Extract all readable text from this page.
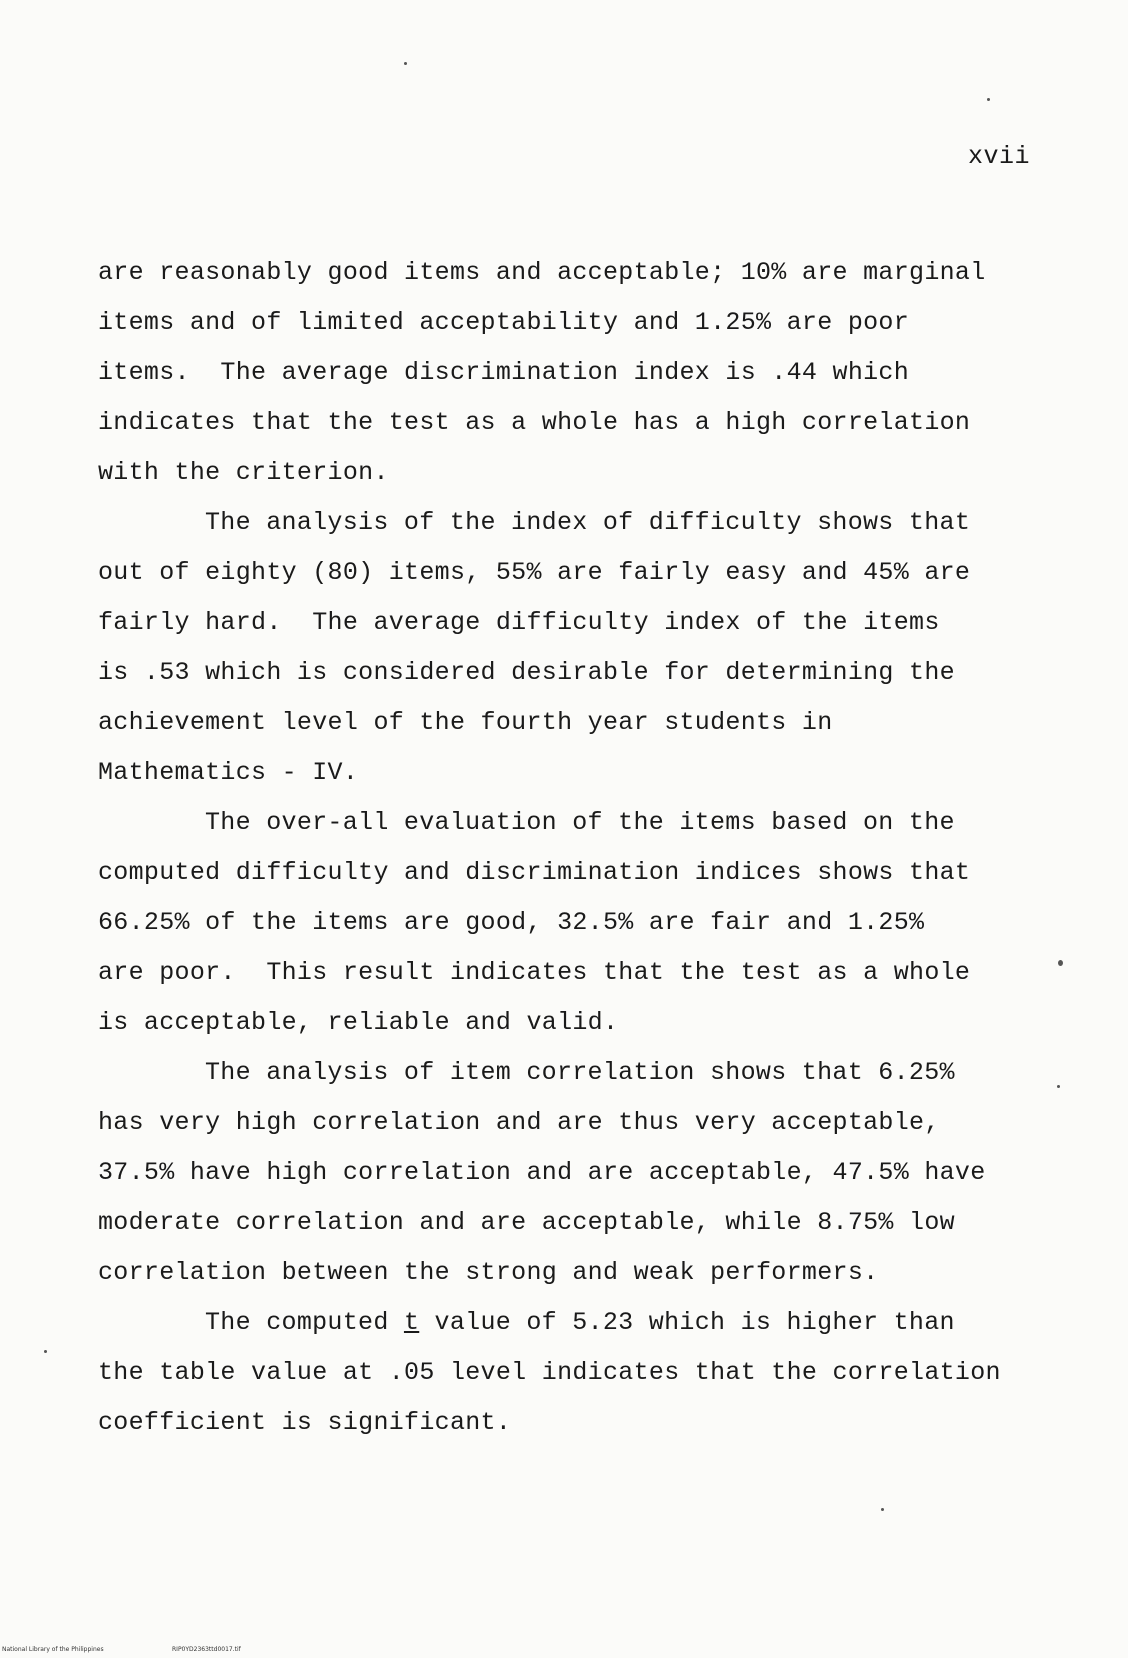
xvii
are reasonably good items and acceptable; 10% are marginal
items and of limited acceptability and 1.25% are poor
items.  The average discrimination index is .44 which
indicates that the test as a whole has a high correlation
with the criterion.
The analysis of the index of difficulty shows that
out of eighty (80) items, 55% are fairly easy and 45% are
fairly hard.  The average difficulty index of the items
is .53 which is considered desirable for determining the
achievement level of the fourth year students in
Mathematics - IV.
The over-all evaluation of the items based on the
computed difficulty and discrimination indices shows that
66.25% of the items are good, 32.5% are fair and 1.25%
are poor.  This result indicates that the test as a whole
is acceptable, reliable and valid.
The analysis of item correlation shows that 6.25%
has very high correlation and are thus very acceptable,
37.5% have high correlation and are acceptable, 47.5% have
moderate correlation and are acceptable, while 8.75% low
correlation between the strong and weak performers.
The computed t value of 5.23 which is higher than
the table value at .05 level indicates that the correlation
coefficient is significant.
National Library of the Philippines	RIP0YD2363ttd0017.tif
